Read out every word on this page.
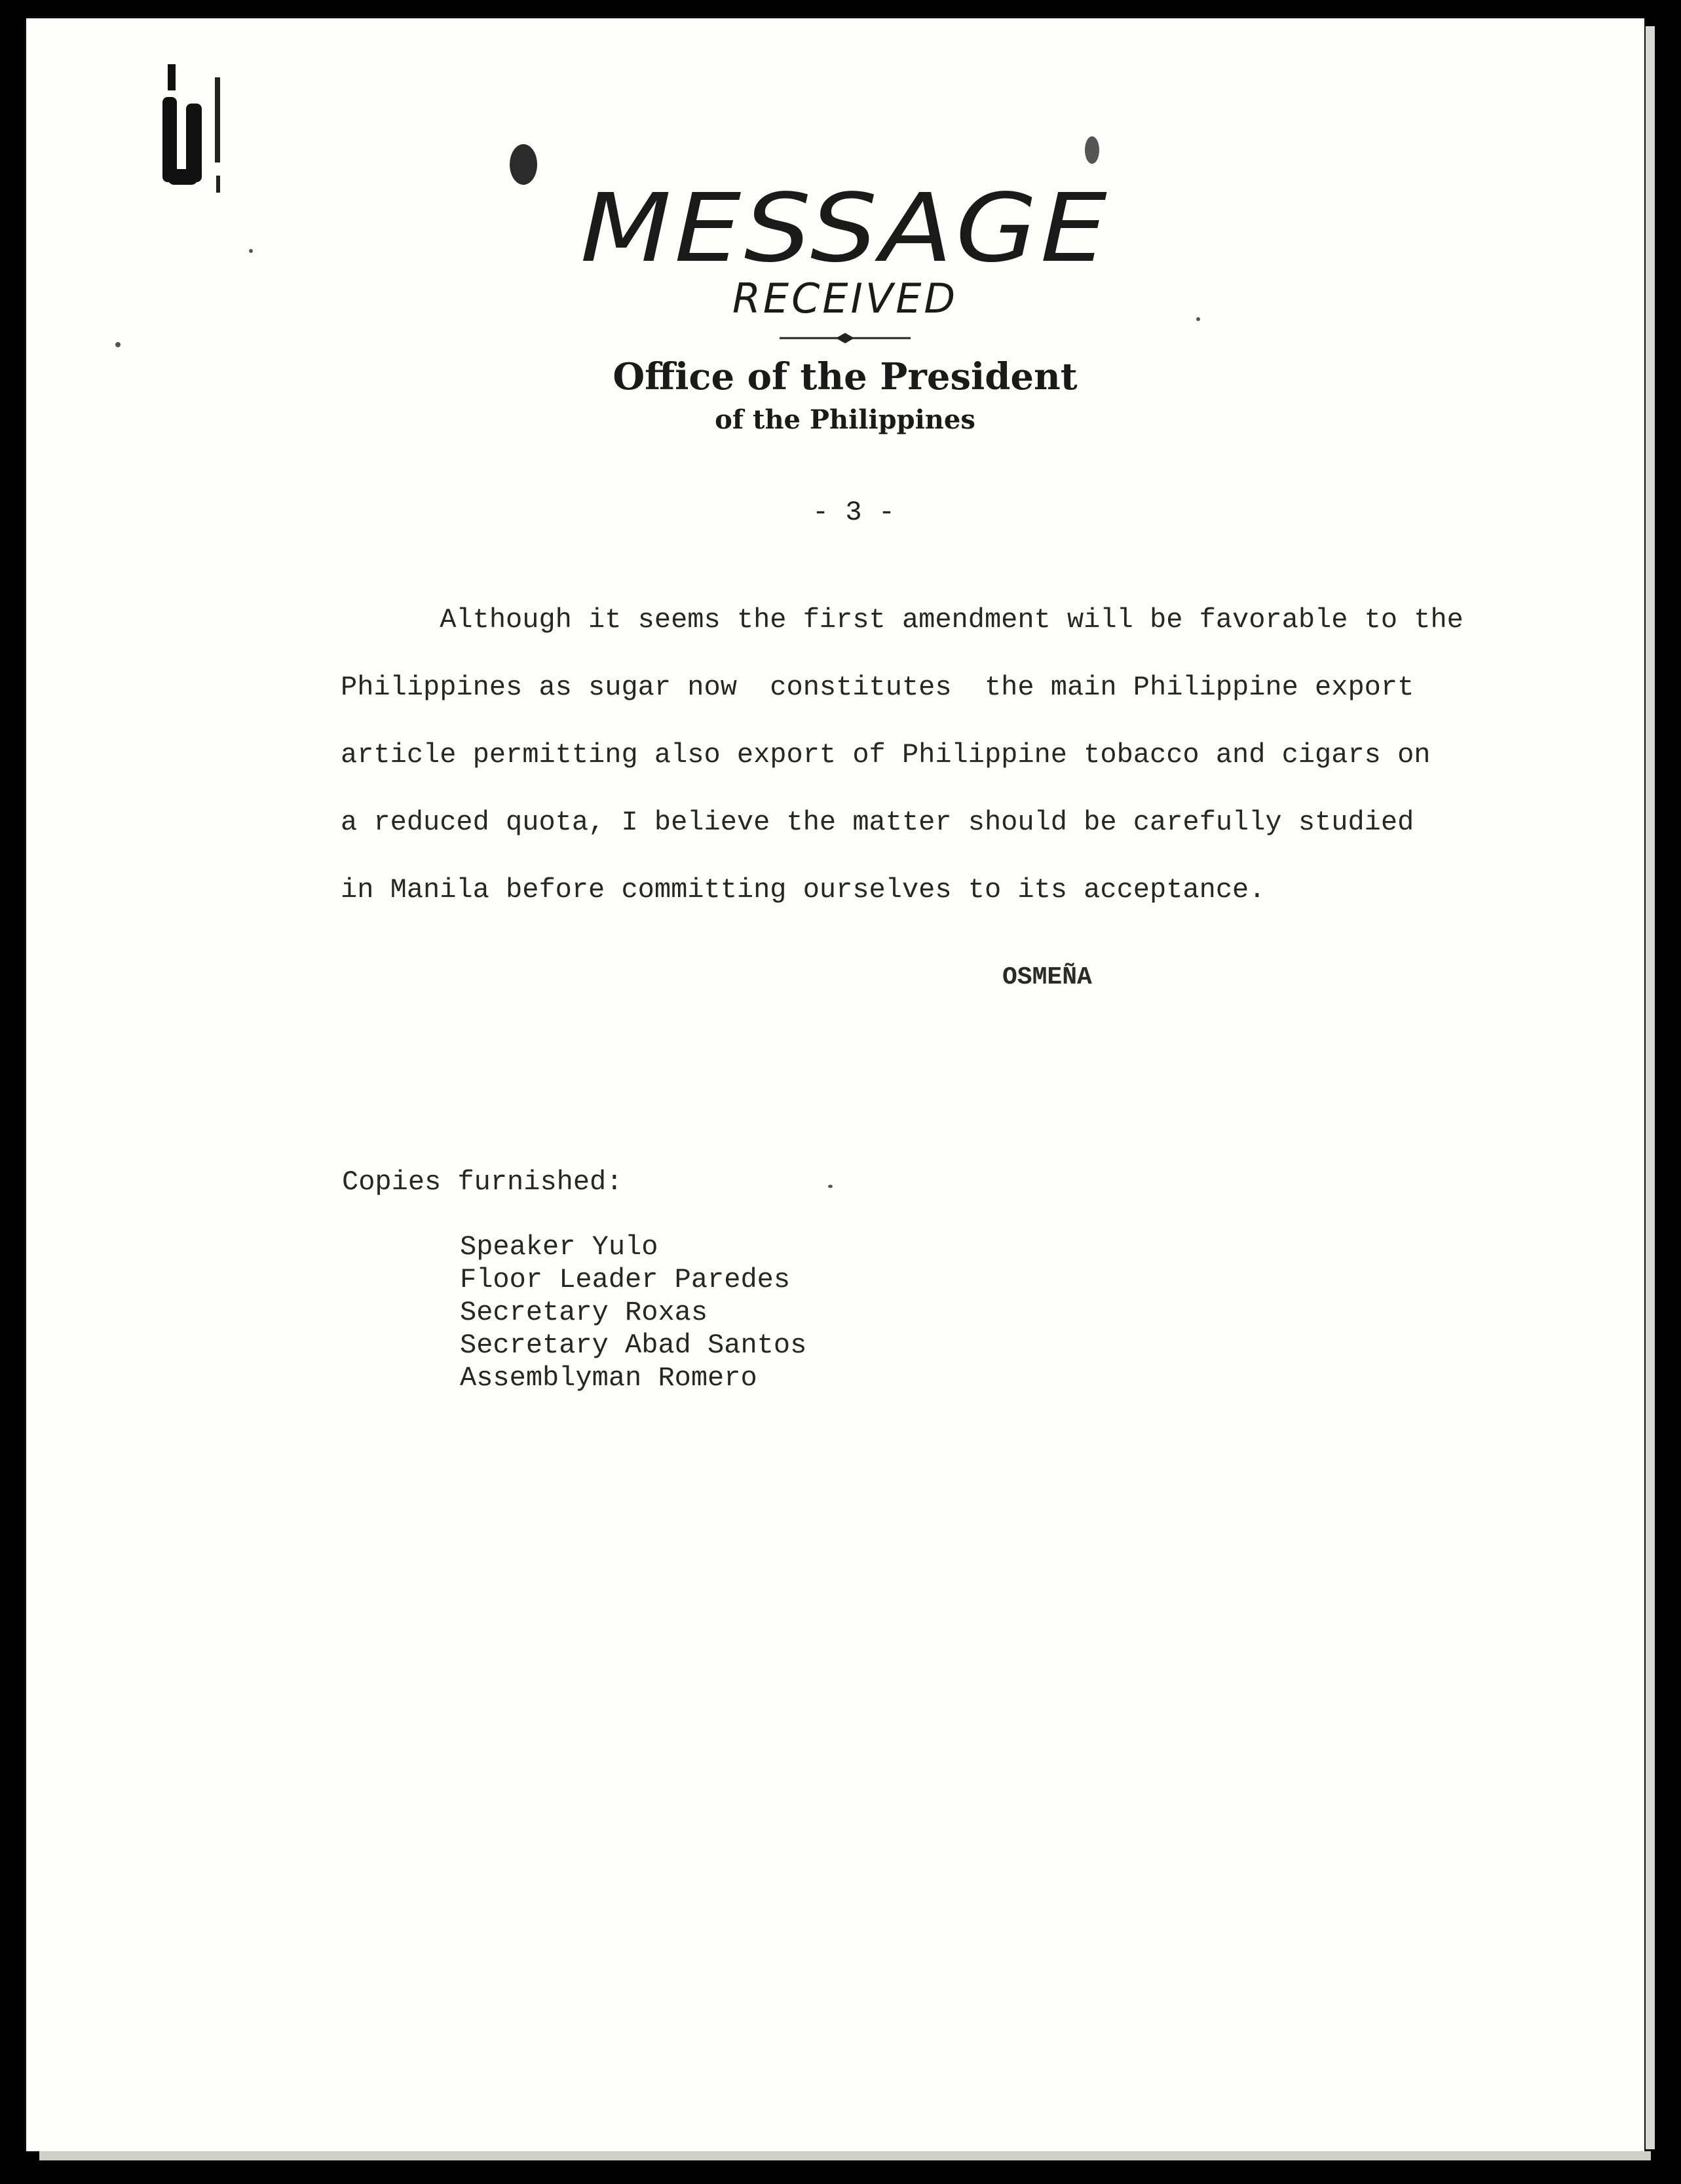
MESSAGE
RECEIVED
Office of the President
of the Philippines
- 3 -
Although it seems the first amendment will be favorable to the
Philippines as sugar now  constitutes  the main Philippine export
article permitting also export of Philippine tobacco and cigars on
a reduced quota, I believe the matter should be carefully studied
in Manila before committing ourselves to its acceptance.
OSMEÑA
Copies furnished:
Speaker Yulo
Floor Leader Paredes
Secretary Roxas
Secretary Abad Santos
Assemblyman Romero
